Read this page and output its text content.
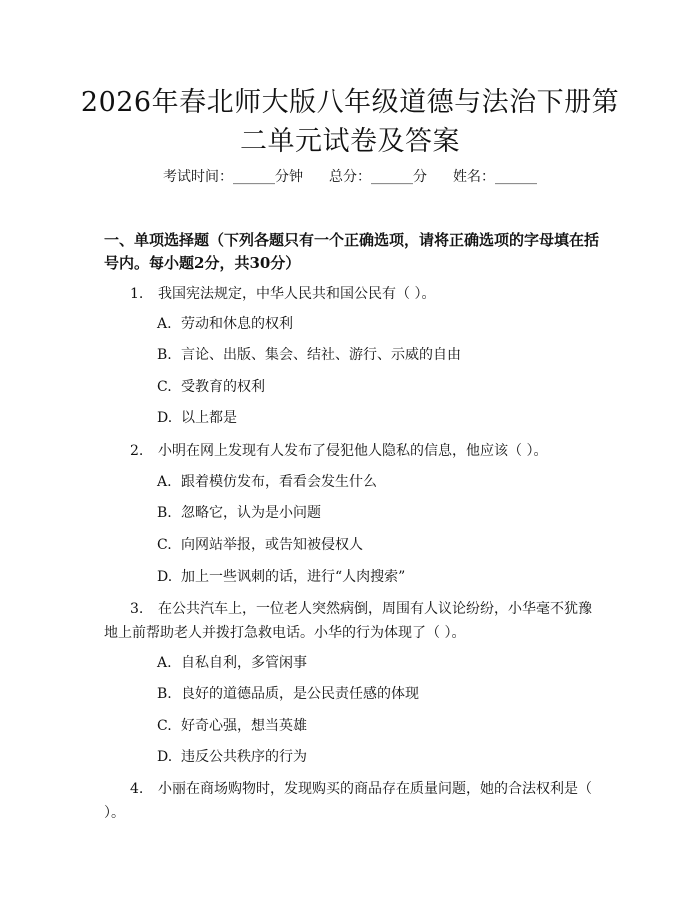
2026年春北师大版八年级道德与法治下册第
二单元试卷及答案
考试时间：______分钟 总分：______分 姓名：______
一、单项选择题（下列各题只有一个正确选项，请将正确选项的字母填在括号内。每小题2分，共30分）
1. 我国宪法规定，中华人民共和国公民有（ ）。
A. 劳动和休息的权利
B. 言论、出版、集会、结社、游行、示威的自由
C. 受教育的权利
D. 以上都是
2. 小明在网上发现有人发布了侵犯他人隐私的信息，他应该（ ）。
A. 跟着模仿发布，看看会发生什么
B. 忽略它，认为是小问题
C. 向网站举报，或告知被侵权人
D. 加上一些讽刺的话，进行“人肉搜索”
3. 在公共汽车上，一位老人突然病倒，周围有人议论纷纷，小华毫不犹豫地上前帮助老人并拨打急救电话。小华的行为体现了（ ）。
A. 自私自利，多管闲事
B. 良好的道德品质，是公民责任感的体现
C. 好奇心强，想当英雄
D. 违反公共秩序的行为
4. 小丽在商场购物时，发现购买的商品存在质量问题，她的合法权利是（ ）。
